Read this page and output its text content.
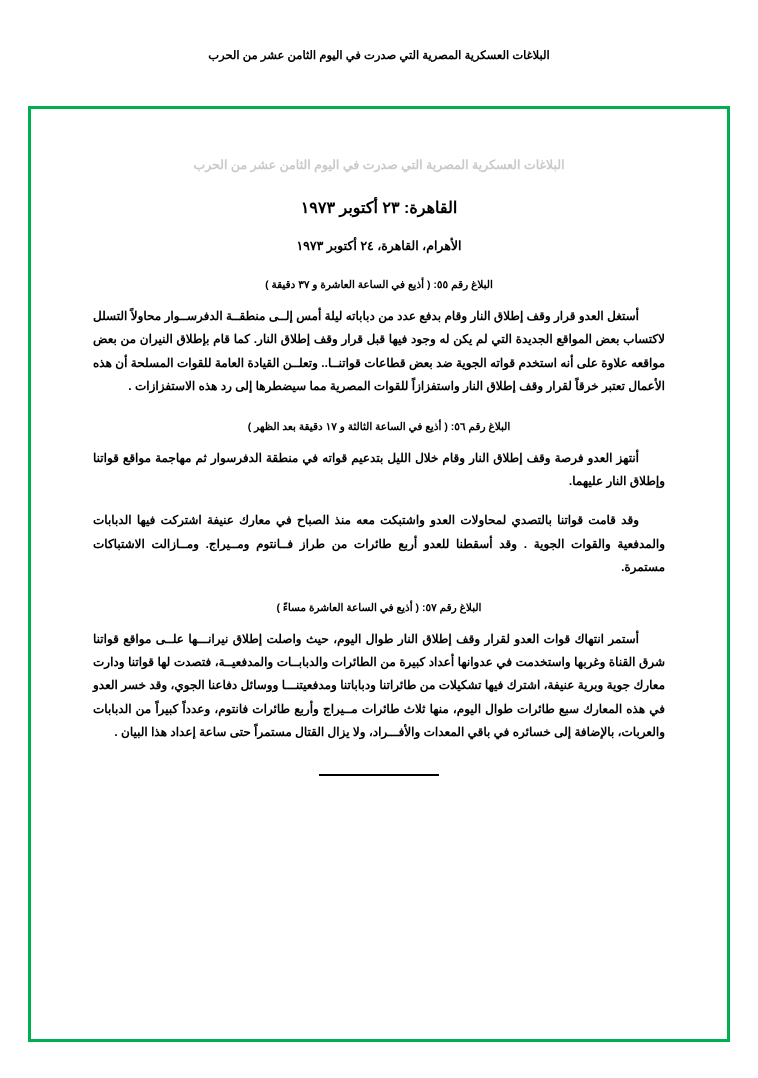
البلاغات العسكرية المصرية التي صدرت في اليوم الثامن عشر من الحرب
البلاغات العسكرية المصرية التي صدرت في اليوم الثامن عشر من الحرب
القاهرة: ٢٣ أكتوبر ١٩٧٣
الأهرام، القاهرة، ٢٤ أكتوبر ١٩٧٣
البلاغ رقم ٥٥: ( أذيع في الساعة العاشرة و ٣٧ دقيقة )

أستغل العدو قرار وقف إطلاق النار وقام بدفع عدد من دباباته ليلة أمس إلــى منطقــة الدفرســوار محاولاً التسلل لاكتساب بعض المواقع الجديدة التي لم يكن له وجود فيها قبل قرار وقف إطلاق النار. كما قام بإطلاق النيران من بعض مواقعه علاوة على أنه استخدم قواته الجوية ضد بعض قطاعات قواتنــا.. وتعلــن القيادة العامة للقوات المسلحة أن هذه الأعمال تعتبر خرقاً لقرار وقف إطلاق النار واستفزازاً للقوات المصرية مما سيضطرها إلى رد هذه الاستفزازات .

البلاغ رقم ٥٦: ( أذيع في الساعة الثالثة و ١٧ دقيقة بعد الظهر )

أنتهز العدو فرصة وقف إطلاق النار وقام خلال الليل بتدعيم قواته في منطقة الدفرسوار ثم مهاجمة مواقع قواتنا وإطلاق النار عليهما.

وقد قامت قواتنا بالتصدي لمحاولات العدو واشتبكت معه منذ الصباح في معارك عنيفة اشتركت فيها الدبابات والمدفعية والقوات الجوية . وقد أسقطنا للعدو أربع طائرات من طراز فــانتوم ومــيراج. ومــازالت الاشتباكات مستمرة.

البلاغ رقم ٥٧: ( أذيع في الساعة العاشرة مساءً )

أستمر انتهاك قوات العدو لقرار وقف إطلاق النار طوال اليوم، حيث واصلت إطلاق نيرانـــها علــى مواقع قواتنا شرق القناة وغربها واستخدمت في عدوانها أعداد كبيرة من الطائرات والدبابــات والمدفعيــة، فتصدت لها قواتنا ودارت معارك جوية وبرية عنيفة، اشترك فيها تشكيلات من طائراتنا ودباباتنا ومدفعيتنـــا ووسائل دفاعنا الجوي، وقد خسر العدو في هذه المعارك سبع طائرات طوال اليوم، منها ثلاث طائرات مــيراج وأربع طائرات فانتوم، وعدداً كبيراً من الدبابات والعربات، بالإضافة إلى خسائره في باقي المعدات والأفـــراد، ولا يزال القتال مستمراً حتى ساعة إعداد هذا البيان .
